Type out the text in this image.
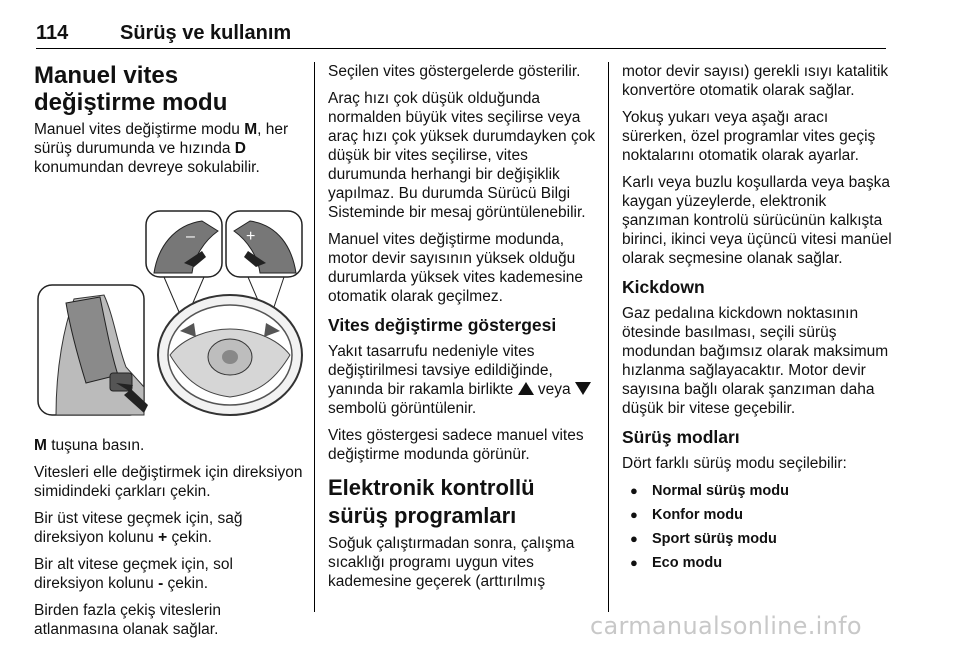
114	Sürüş ve kullanım
Manuel vites değiştirme modu

Manuel vites değiştirme modu M, her sürüş durumunda ve hızında D konumundan devreye sokulabilir.

–	+

M tuşuna basın.

Vitesleri elle değiştirmek için direksiyon simidindeki çarkları çekin.

Bir üst vitese geçmek için, sağ direksiyon kolunu + çekin.

Bir alt vitese geçmek için, sol direksiyon kolunu - çekin.

Birden fazla çekiş viteslerin atlanmasına olanak sağlar.

Seçilen vites göstergelerde gösterilir.

Araç hızı çok düşük olduğunda normalden büyük vites seçilirse veya araç hızı çok yüksek durumdayken çok düşük bir vites seçilirse, vites durumunda herhangi bir değişiklik yapılmaz. Bu durumda Sürücü Bilgi Sisteminde bir mesaj görüntülenebilir.

Manuel vites değiştirme modunda, motor devir sayısının yüksek olduğu durumlarda yüksek vites kademesine otomatik olarak geçilmez.

Vites değiştirme göstergesi

Yakıt tasarrufu nedeniyle vites değiştirilmesi tavsiye edildiğinde, yanında bir rakamla birlikte  veya  sembolü görüntülenir.

Vites göstergesi sadece manuel vites değiştirme modunda görünür.

Elektronik kontrollü sürüş programları

Soğuk çalıştırmadan sonra, çalışma sıcaklığı programı uygun vites kademesine geçerek (arttırılmış

motor devir sayısı) gerekli ısıyı katalitik konvertöre otomatik olarak sağlar.

Yokuş yukarı veya aşağı aracı sürerken, özel programlar vites geçiş noktalarını otomatik olarak ayarlar.

Karlı veya buzlu koşullarda veya başka kaygan yüzeylerde, elektronik şanzıman kontrolü sürücünün kalkışta birinci, ikinci veya üçüncü vitesi manüel olarak seçmesine olanak sağlar.

Kickdown

Gaz pedalına kickdown noktasının ötesinde basılması, seçili sürüş modundan bağımsız olarak maksimum hızlanma sağlayacaktır. Motor devir sayısına bağlı olarak şanzıman daha düşük bir vitese geçebilir.

Sürüş modları

Dört farklı sürüş modu seçilebilir:

● Normal sürüş modu
● Konfor modu
● Sport sürüş modu
● Eco modu
carmanualsonline.info
